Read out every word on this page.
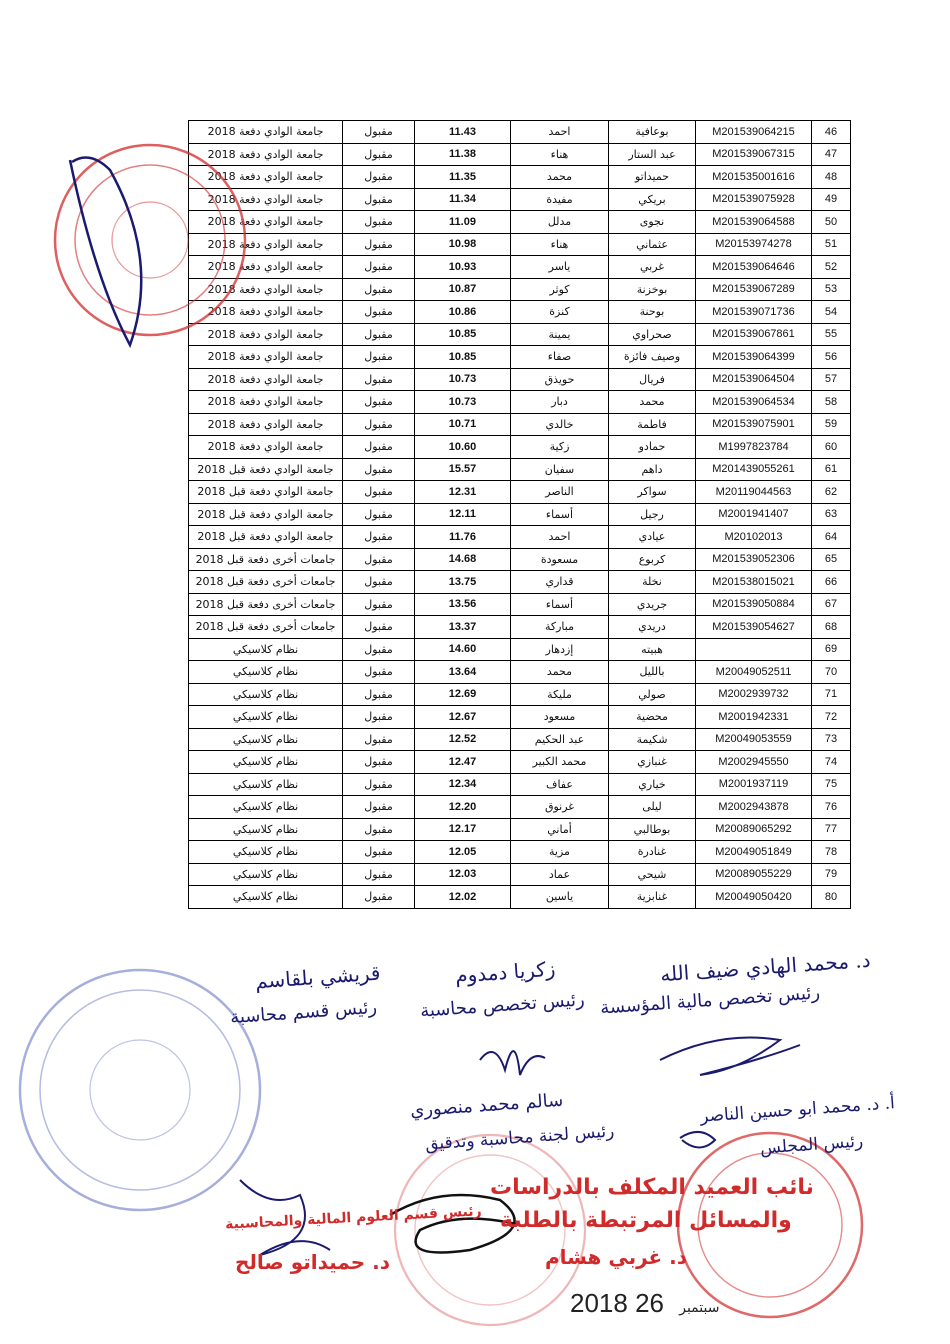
جامعة الوادي دفعة 2018	مقبول	11.43	احمد	بوعافية	M201539064215	46
جامعة الوادي دفعة 2018	مقبول	11.38	هناء	عبد الستار	M201539067315	47
جامعة الوادي دفعة 2018	مقبول	11.35	محمد	حميداتو	M201535001616	48
جامعة الوادي دفعة 2018	مقبول	11.34	مفيدة	بريكي	M201539075928	49
جامعة الوادي دفعة 2018	مقبول	11.09	مدلل	نجوى	M201539064588	50
جامعة الوادي دفعة 2018	مقبول	10.98	هناء	عثماني	M20153974278	51
جامعة الوادي دفعة 2018	مقبول	10.93	ياسر	غربي	M201539064646	52
جامعة الوادي دفعة 2018	مقبول	10.87	كوثر	بوخزنة	M201539067289	53
جامعة الوادي دفعة 2018	مقبول	10.86	كنزة	بوحنة	M201539071736	54
جامعة الوادي دفعة 2018	مقبول	10.85	يمينة	صحراوي	M201539067861	55
جامعة الوادي دفعة 2018	مقبول	10.85	صفاء	وصيف فائزة	M201539064399	56
جامعة الوادي دفعة 2018	مقبول	10.73	حويذق	فريال	M201539064504	57
جامعة الوادي دفعة 2018	مقبول	10.73	دبار	محمد	M201539064534	58
جامعة الوادي دفعة 2018	مقبول	10.71	خالدي	فاطمة	M201539075901	59
جامعة الوادي دفعة 2018	مقبول	10.60	زكية	حمادو	M1997823784	60
جامعة الوادي دفعة قبل 2018	مقبول	15.57	سفيان	داهم	M201439055261	61
جامعة الوادي دفعة قبل 2018	مقبول	12.31	الناصر	سواكر	M20119044563	62
جامعة الوادي دفعة قبل 2018	مقبول	12.11	أسماء	رجيل	M2001941407	63
جامعة الوادي دفعة قبل 2018	مقبول	11.76	احمد	عيادي	M20102013	64
جامعات أخرى دفعة قبل 2018	مقبول	14.68	مسعودة	كربوع	M201539052306	65
جامعات أخرى دفعة قبل 2018	مقبول	13.75	قداري	نخلة	M201538015021	66
جامعات أخرى دفعة قبل 2018	مقبول	13.56	أسماء	جريدي	M201539050884	67
جامعات أخرى دفعة قبل 2018	مقبول	13.37	مباركة	دريدي	M201539054627	68
نظام كلاسيكي	مقبول	14.60	إزدهار	هبيته		69
نظام كلاسيكي	مقبول	13.64	محمد	بالليل	M20049052511	70
نظام كلاسيكي	مقبول	12.69	مليكة	صولي	M2002939732	71
نظام كلاسيكي	مقبول	12.67	مسعود	محضية	M2001942331	72
نظام كلاسيكي	مقبول	12.52	عبد الحكيم	شكيمة	M20049053559	73
نظام كلاسيكي	مقبول	12.47	محمد الكبير	غنبازي	M2002945550	74
نظام كلاسيكي	مقبول	12.34	عفاف	خياري	M2001937119	75
نظام كلاسيكي	مقبول	12.20	غرنوق	ليلى	M2002943878	76
نظام كلاسيكي	مقبول	12.17	أماني	بوطالبي	M20089065292	77
نظام كلاسيكي	مقبول	12.05	مزية	غنادرة	M20049051849	78
نظام كلاسيكي	مقبول	12.03	عماد	شيحي	M20089055229	79
نظام كلاسيكي	مقبول	12.02	ياسين	غنابزية	M20049050420	80
د. محمد الهادي ضيف الله
رئيس تخصص مالية المؤسسة
زكريا دمدوم
رئيس تخصص محاسبة
قريشي بلقاسم
رئيس قسم محاسبة
سالم محمد منصوري
رئيس لجنة محاسبة وتدقيق
أ. د. محمد ابو حسين الناصر
رئيس المجلس
رئيس قسم العلوم المالية والمحاسبية
د. حميداتو صالح
نائب العميد المكلف بالدراسات
والمسائل المرتبطة بالطلبة
د. غربي هشام
2018	سبتمبر 26
